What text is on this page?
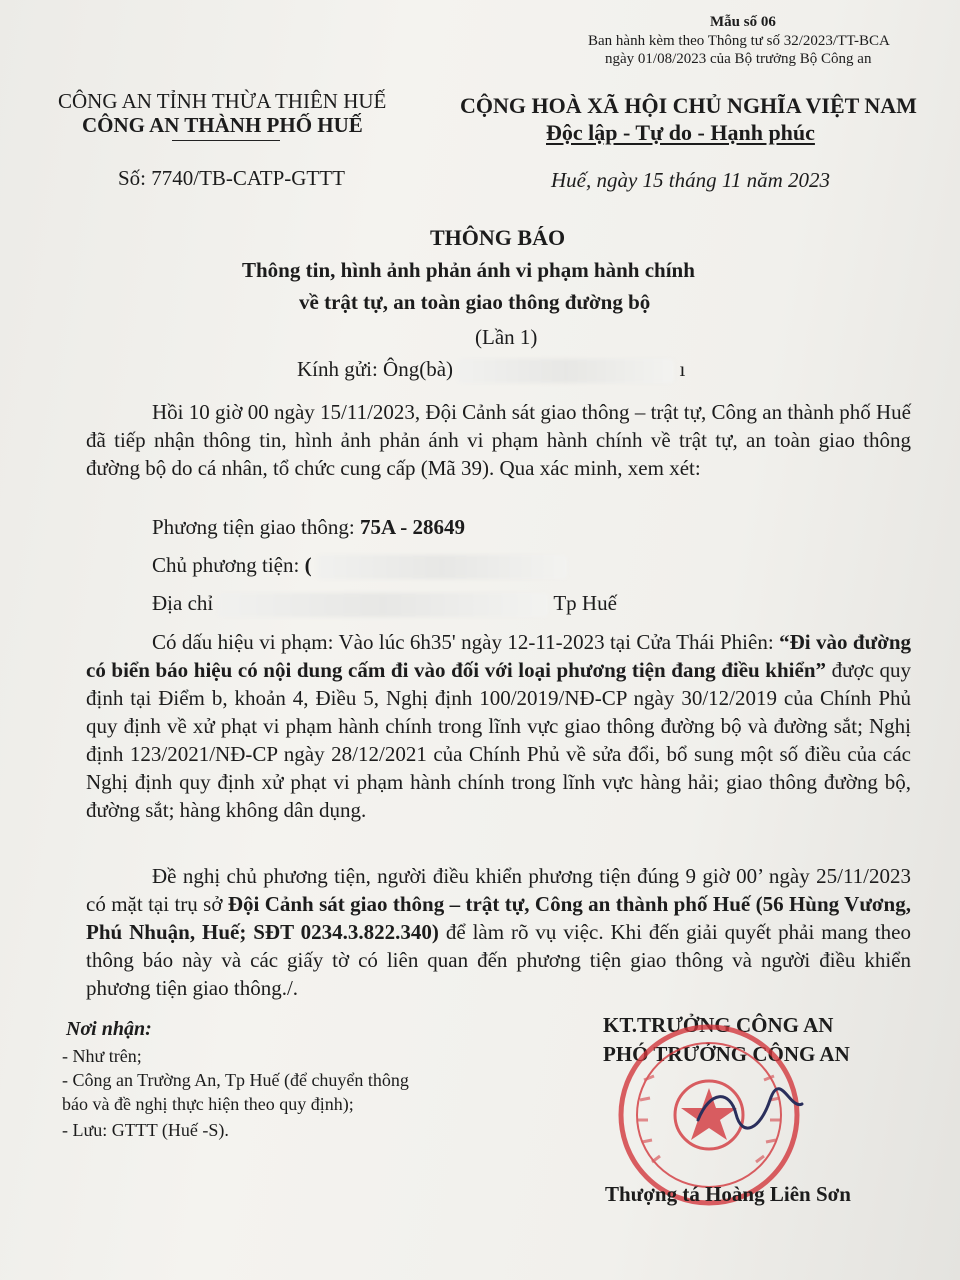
Mẫu số 06
Ban hành kèm theo Thông tư số 32/2023/TT-BCA
ngày 01/08/2023 của Bộ trưởng Bộ Công an
CÔNG AN TỈNH THỪA THIÊN HUẾ
CÔNG AN THÀNH PHỐ HUẾ
Số: 7740/TB-CATP-GTTT
CỘNG HOÀ XÃ HỘI CHỦ NGHĨA VIỆT NAM
Độc lập - Tự do - Hạnh phúc
Huế, ngày 15 tháng 11 năm 2023
THÔNG BÁO
Thông tin, hình ảnh phản ánh vi phạm hành chính
về trật tự, an toàn giao thông đường bộ
(Lần 1)
Kính gửi: Ông(bà)	ı

Hồi 10 giờ 00 ngày 15/11/2023, Đội Cảnh sát giao thông – trật tự, Công an thành phố Huế đã tiếp nhận thông tin, hình ảnh phản ánh vi phạm hành chính về trật tự, an toàn giao thông đường bộ do cá nhân, tổ chức cung cấp (Mã 39). Qua xác minh, xem xét:

Phương tiện giao thông: 75A - 28649
Chủ phương tiện: (
Địa chỉ	Tp Huế

Có dấu hiệu vi phạm: Vào lúc 6h35' ngày 12-11-2023 tại Cửa Thái Phiên: “Đi vào đường có biển báo hiệu có nội dung cấm đi vào đối với loại phương tiện đang điều khiển” được quy định tại Điểm b, khoản 4, Điều 5, Nghị định 100/2019/NĐ-CP ngày 30/12/2019 của Chính Phủ quy định về xử phạt vi phạm hành chính trong lĩnh vực giao thông đường bộ và đường sắt; Nghị định 123/2021/NĐ-CP ngày 28/12/2021 của Chính Phủ về sửa đổi, bổ sung một số điều của các Nghị định quy định xử phạt vi phạm hành chính trong lĩnh vực hàng hải; giao thông đường bộ, đường sắt; hàng không dân dụng.

Đề nghị chủ phương tiện, người điều khiển phương tiện đúng 9 giờ 00’ ngày 25/11/2023 có mặt tại trụ sở Đội Cảnh sát giao thông – trật tự, Công an thành phố Huế (56 Hùng Vương, Phú Nhuận, Huế; SĐT 0234.3.822.340) để làm rõ vụ việc. Khi đến giải quyết phải mang theo thông báo này và các giấy tờ có liên quan đến phương tiện giao thông và người điều khiển phương tiện giao thông./.

Nơi nhận:
- Như trên;
- Công an Trường An, Tp Huế (để chuyển thông
báo và đề nghị thực hiện theo quy định);
- Lưu: GTTT (Huế -S).
KT.TRƯỞNG CÔNG AN
PHÓ TRƯỞNG CÔNG AN
Thượng tá Hoàng Liên Sơn
